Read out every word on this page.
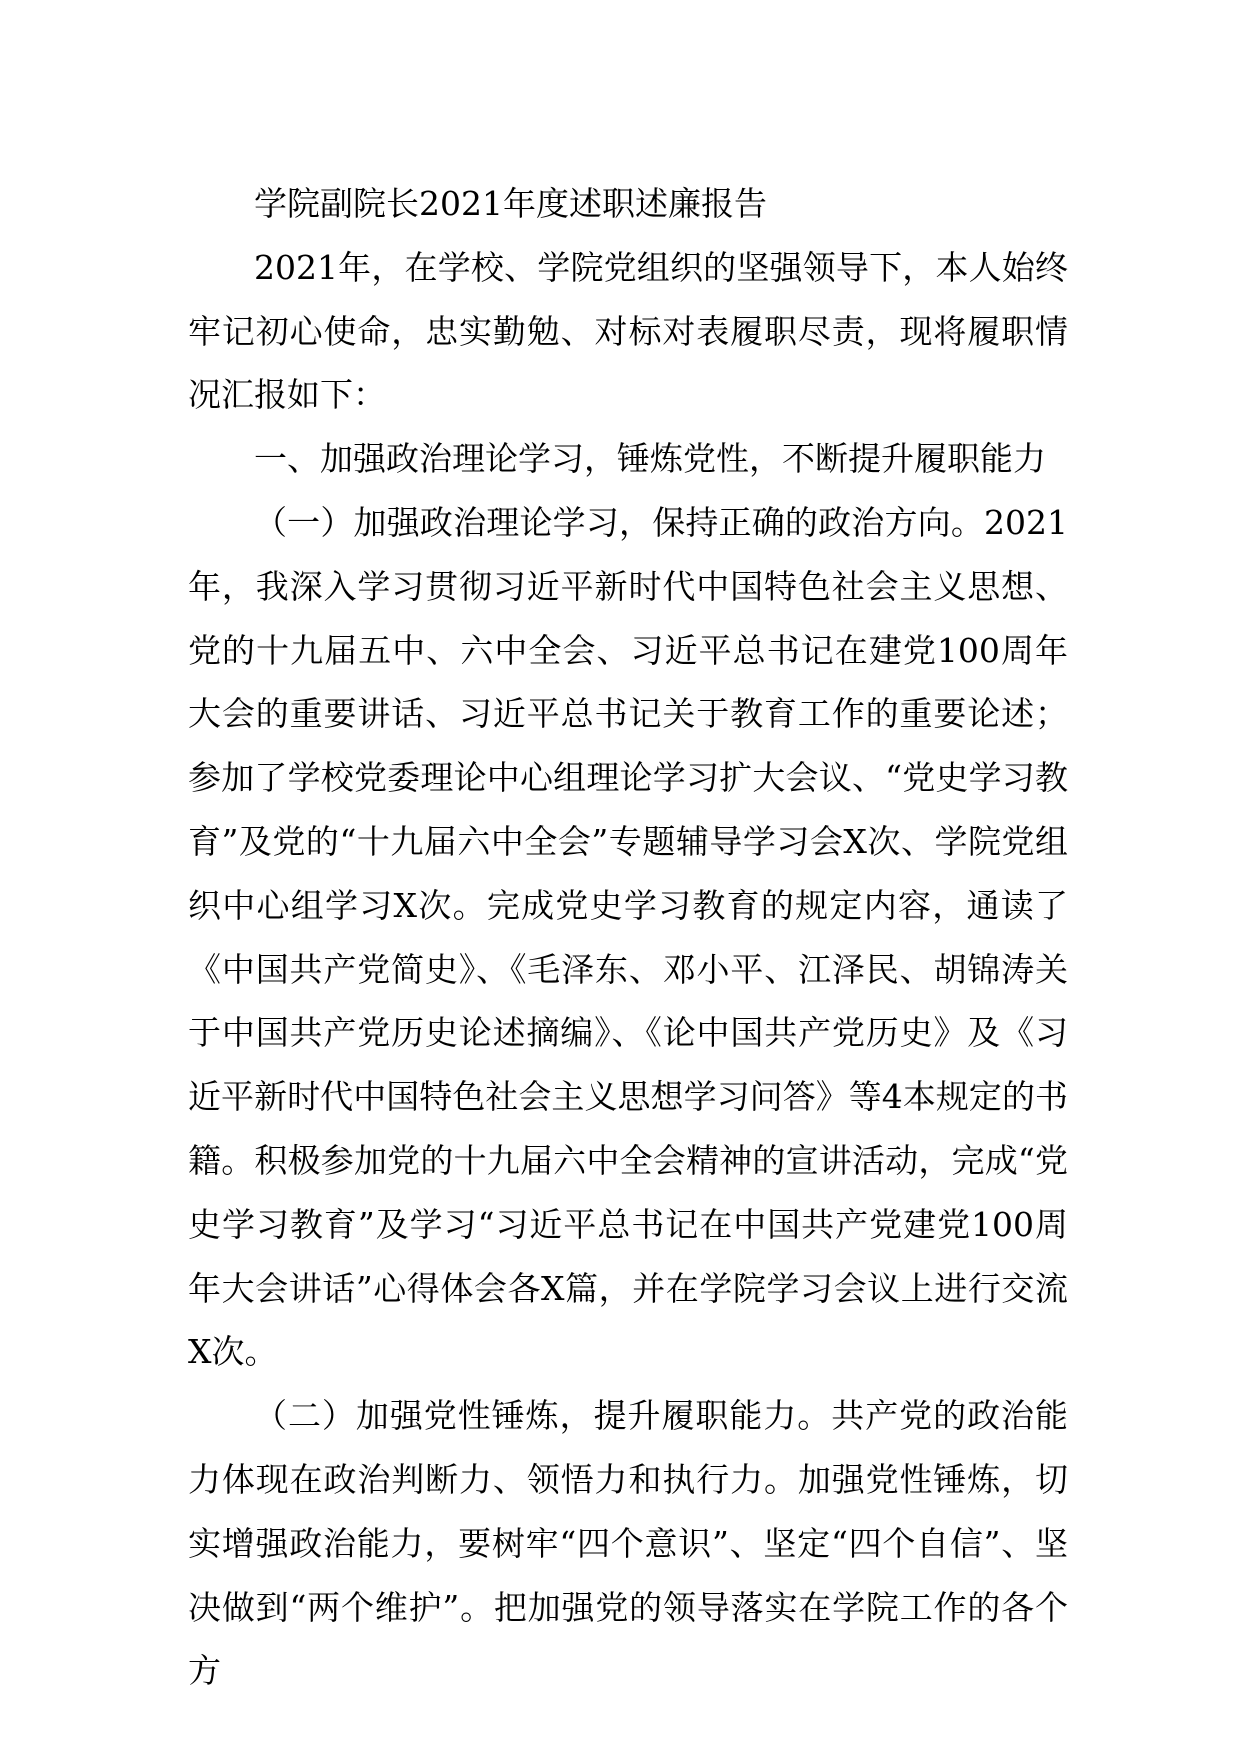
学院副院长2021年度述职述廉报告

2021年，在学校、学院党组织的坚强领导下，本人始终牢记初心使命，忠实勤勉、对标对表履职尽责，现将履职情况汇报如下：

一、加强政治理论学习，锤炼党性，不断提升履职能力

（一）加强政治理论学习，保持正确的政治方向。2021年，我深入学习贯彻习近平新时代中国特色社会主义思想、党的十九届五中、六中全会、习近平总书记在建党100周年大会的重要讲话、习近平总书记关于教育工作的重要论述；参加了学校党委理论中心组理论学习扩大会议、“党史学习教育”及党的“十九届六中全会”专题辅导学习会X次、学院党组织中心组学习X次。完成党史学习教育的规定内容，通读了《中国共产党简史》、《毛泽东、邓小平、江泽民、胡锦涛关于中国共产党历史论述摘编》、《论中国共产党历史》及《习近平新时代中国特色社会主义思想学习问答》等4本规定的书籍。积极参加党的十九届六中全会精神的宣讲活动，完成“党史学习教育”及学习“习近平总书记在中国共产党建党100周年大会讲话”心得体会各X篇，并在学院学习会议上进行交流X次。

（二）加强党性锤炼，提升履职能力。共产党的政治能力体现在政治判断力、领悟力和执行力。加强党性锤炼，切实增强政治能力，要树牢“四个意识”、坚定“四个自信”、坚决做到“两个维护”。把加强党的领导落实在学院工作的各个方
